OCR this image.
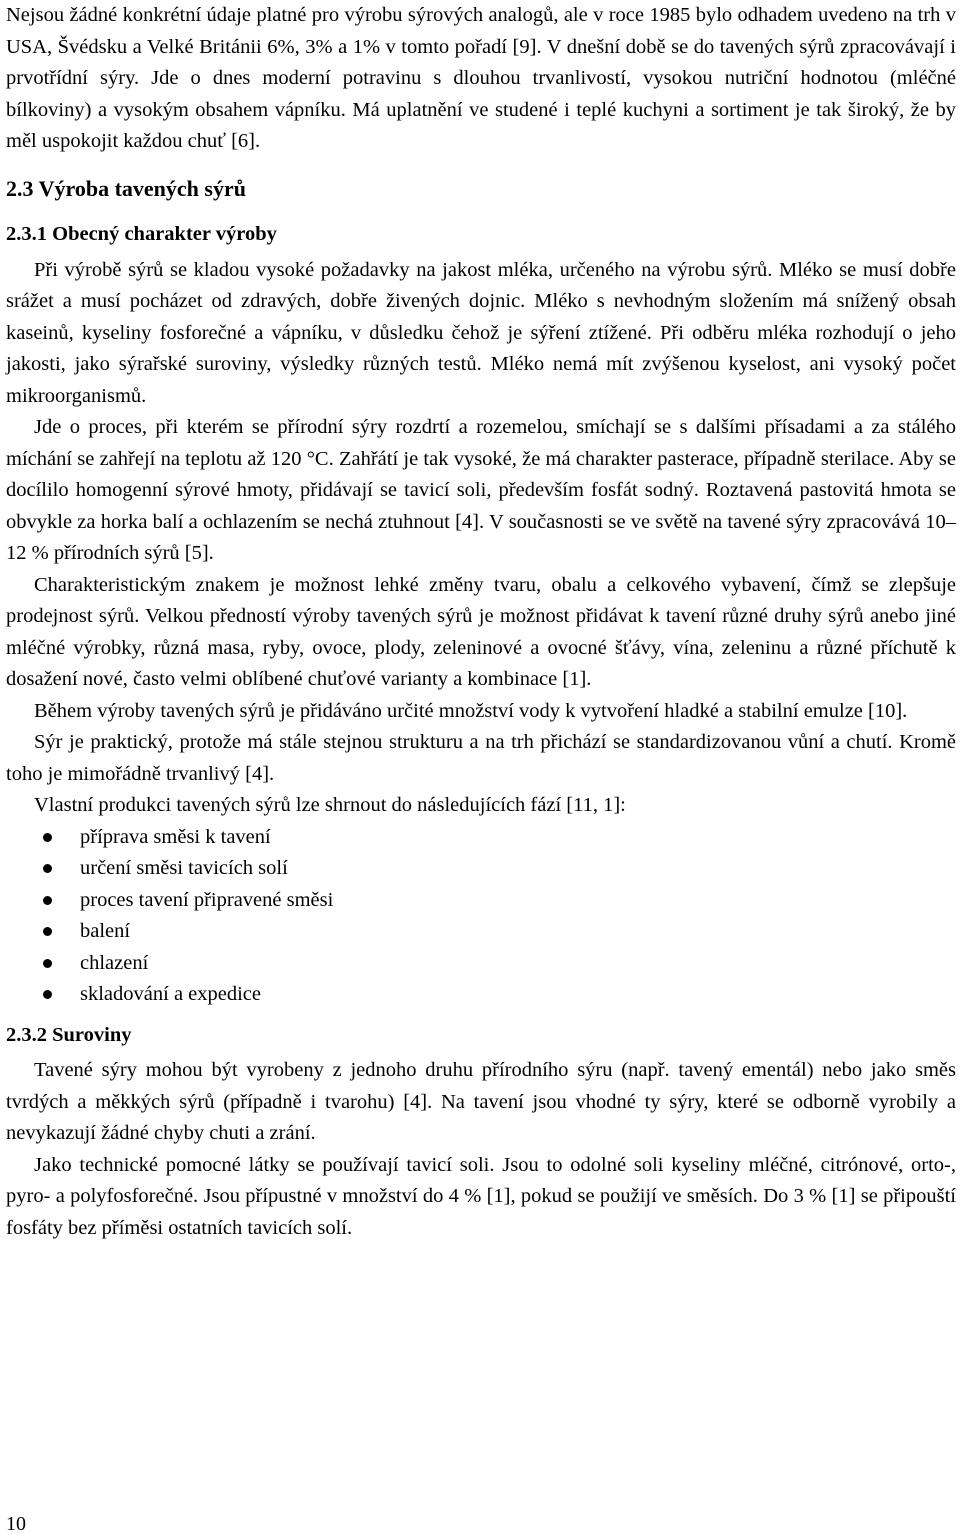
Nejsou žádné konkrétní údaje platné pro výrobu sýrových analogů, ale v roce 1985 bylo odhadem uvedeno na trh v USA, Švédsku a Velké Británii 6%, 3% a 1% v tomto pořadí [9]. V dnešní době se do tavených sýrů zpracovávají i prvotřídní sýry. Jde o dnes moderní potravinu s dlouhou trvanlivostí, vysokou nutriční hodnotou (mléčné bílkoviny) a vysokým obsahem vápníku. Má uplatnění ve studené i teplé kuchyni a sortiment je tak široký, že by měl uspokojit každou chuť [6].

2.3 Výroba tavených sýrů
2.3.1 Obecný charakter výroby

Při výrobě sýrů se kladou vysoké požadavky na jakost mléka, určeného na výrobu sýrů. Mléko se musí dobře srážet a musí pocházet od zdravých, dobře živených dojnic. Mléko s nevhodným složením má snížený obsah kaseinů, kyseliny fosforečné a vápníku, v důsledku čehož je sýření ztížené. Při odběru mléka rozhodují o jeho jakosti, jako sýrařské suroviny, výsledky různých testů. Mléko nemá mít zvýšenou kyselost, ani vysoký počet mikroorganismů.

Jde o proces, při kterém se přírodní sýry rozdrtí a rozemelou, smíchají se s dalšími přísadami a za stálého míchání se zahřejí na teplotu až 120 °C. Zahřátí je tak vysoké, že má charakter pasterace, případně sterilace. Aby se docílilo homogenní sýrové hmoty, přidávají se tavicí soli, především fosfát sodný. Roztavená pastovitá hmota se obvykle za horka balí a ochlazením se nechá ztuhnout [4]. V současnosti se ve světě na tavené sýry zpracovává 10–12 % přírodních sýrů [5].

Charakteristickým znakem je možnost lehké změny tvaru, obalu a celkového vybavení, čímž se zlepšuje prodejnost sýrů. Velkou předností výroby tavených sýrů je možnost přidávat k tavení různé druhy sýrů anebo jiné mléčné výrobky, různá masa, ryby, ovoce, plody, zeleninové a ovocné šťávy, vína, zeleninu a různé příchutě k dosažení nové, často velmi oblíbené chuťové varianty a kombinace [1].

Během výroby tavených sýrů je přidáváno určité množství vody k vytvoření hladké a stabilní emulze [10].

Sýr je praktický, protože má stále stejnou strukturu a na trh přichází se standardizovanou vůní a chutí. Kromě toho je mimořádně trvanlivý [4].

Vlastní produkci tavených sýrů lze shrnout do následujících fází [11, 1]:

příprava směsi k tavení
určení směsi tavicích solí
proces tavení připravené směsi
balení
chlazení
skladování a expedice
2.3.2 Suroviny

Tavené sýry mohou být vyrobeny z jednoho druhu přírodního sýru (např. tavený ementál) nebo jako směs tvrdých a měkkých sýrů (případně i tvarohu) [4]. Na tavení jsou vhodné ty sýry, které se odborně vyrobily a nevykazují žádné chyby chuti a zrání.

Jako technické pomocné látky se používají tavicí soli. Jsou to odolné soli kyseliny mléčné, citrónové, orto-, pyro- a polyfosforečné. Jsou přípustné v množství do 4 % [1], pokud se použijí ve směsích. Do 3 % [1] se připouští fosfáty bez příměsi ostatních tavicích solí.

10
